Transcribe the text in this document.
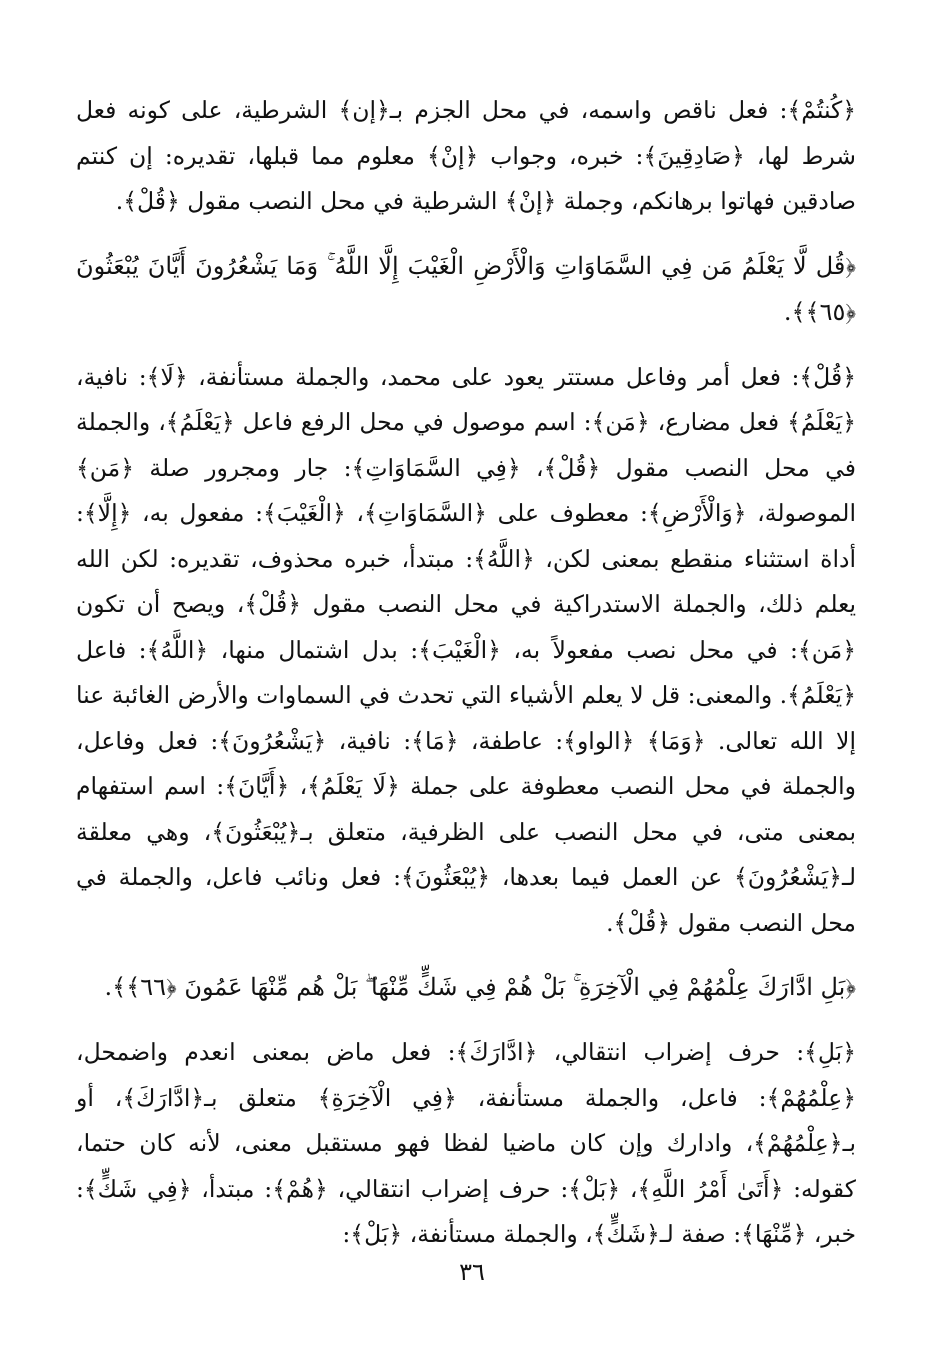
﴿كُنتُمْ﴾: فعل ناقص واسمه، في محل الجزم بـ﴿إن﴾ الشرطية، على كونه فعل شرط لها، ﴿صَادِقِينَ﴾: خبره، وجواب ﴿إنْ﴾ معلوم مما قبلها، تقديره: إن كنتم صادقين فهاتوا برهانكم، وجملة ﴿إنْ﴾ الشرطية في محل النصب مقول ﴿قُلْ﴾.

﴿قُل لَّا يَعْلَمُ مَن فِي السَّمَاوَاتِ وَالْأَرْضِ الْغَيْبَ إِلَّا اللَّهُ ۚ وَمَا يَشْعُرُونَ أَيَّانَ يُبْعَثُونَ ﴿٦٥﴾﴾.

﴿قُلْ﴾: فعل أمر وفاعل مستتر يعود على محمد، والجملة مستأنفة، ﴿لَا﴾: نافية، ﴿يَعْلَمُ﴾ فعل مضارع، ﴿مَن﴾: اسم موصول في محل الرفع فاعل ﴿يَعْلَمُ﴾، والجملة في محل النصب مقول ﴿قُلْ﴾، ﴿فِي السَّمَاوَاتِ﴾: جار ومجرور صلة ﴿مَن﴾ الموصولة، ﴿وَالْأَرْضِ﴾: معطوف على ﴿السَّمَاوَاتِ﴾، ﴿الْغَيْبَ﴾: مفعول به، ﴿إِلَّا﴾: أداة استثناء منقطع بمعنى لكن، ﴿اللَّهُ﴾: مبتدأ، خبره محذوف، تقديره: لكن الله يعلم ذلك، والجملة الاستدراكية في محل النصب مقول ﴿قُلْ﴾، ويصح أن تكون ﴿مَن﴾: في محل نصب مفعولاً به، ﴿الْغَيْبَ﴾: بدل اشتمال منها، ﴿اللَّهُ﴾: فاعل ﴿يَعْلَمُ﴾. والمعنى: قل لا يعلم الأشياء التي تحدث في السماوات والأرض الغائبة عنا إلا الله تعالى. ﴿وَمَا﴾ ﴿الواو﴾: عاطفة، ﴿مَا﴾: نافية، ﴿يَشْعُرُونَ﴾: فعل وفاعل، والجملة في محل النصب معطوفة على جملة ﴿لَا يَعْلَمُ﴾، ﴿أَيَّانَ﴾: اسم استفهام بمعنى متى، في محل النصب على الظرفية، متعلق بـ﴿يُبْعَثُونَ﴾، وهي معلقة لـ﴿يَشْعُرُونَ﴾ عن العمل فيما بعدها، ﴿يُبْعَثُونَ﴾: فعل ونائب فاعل، والجملة في محل النصب مقول ﴿قُلْ﴾.

﴿بَلِ ادَّارَكَ عِلْمُهُمْ فِي الْآخِرَةِ ۚ بَلْ هُمْ فِي شَكٍّ مِّنْهَا ۖ بَلْ هُم مِّنْهَا عَمُونَ ﴿٦٦﴾﴾.

﴿بَلِ﴾: حرف إضراب انتقالي، ﴿ادَّارَكَ﴾: فعل ماض بمعنى انعدم واضمحل، ﴿عِلْمُهُمْ﴾: فاعل، والجملة مستأنفة، ﴿فِي الْآخِرَةِ﴾ متعلق بـ﴿ادَّارَكَ﴾، أو بـ﴿عِلْمُهُمْ﴾، وادارك وإن كان ماضيا لفظا فهو مستقبل معنى، لأنه كان حتما، كقوله: ﴿أَتَىٰ أَمْرُ اللَّهِ﴾، ﴿بَلْ﴾: حرف إضراب انتقالي، ﴿هُمْ﴾: مبتدأ، ﴿فِي شَكٍّ﴾: خبر، ﴿مِّنْهَا﴾: صفة لـ﴿شَكٍّ﴾، والجملة مستأنفة، ﴿بَلْ﴾:

٣٦
